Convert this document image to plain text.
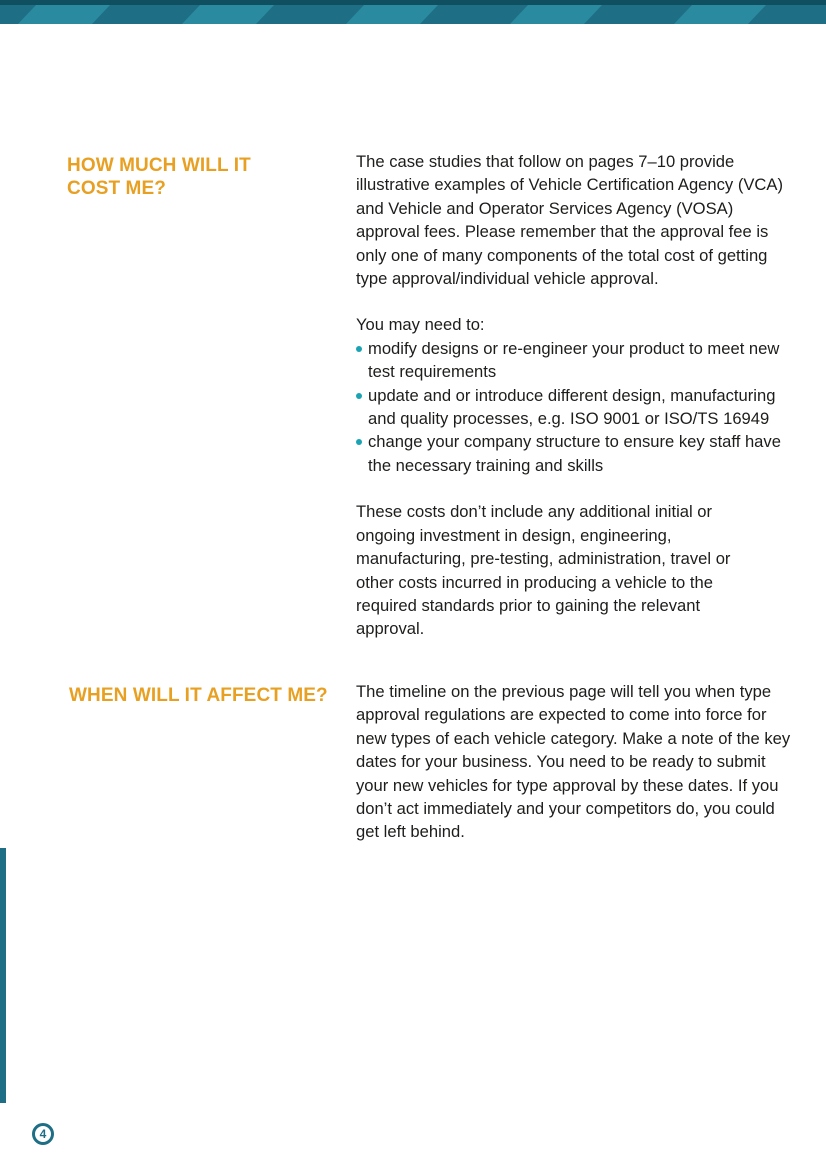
HOW MUCH WILL IT COST ME?

The case studies that follow on pages 7–10 provide illustrative examples of Vehicle Certification Agency (VCA) and Vehicle and Operator Services Agency (VOSA) approval fees. Please remember that the approval fee is only one of many components of the total cost of getting type approval/individual vehicle approval.

You may need to:

modify designs or re-engineer your product to meet new test requirements
update and or introduce different design, manufacturing and quality processes, e.g. ISO 9001 or ISO/TS 16949
change your company structure to ensure key staff have the necessary training and skills

These costs don’t include any additional initial or ongoing investment in design, engineering, manufacturing, pre-testing, administration, travel or other costs incurred in producing a vehicle to the required standards prior to gaining the relevant approval.

WHEN WILL IT AFFECT ME?	The timeline on the previous page will tell you when type approval regulations are expected to come into force for new types of each vehicle category. Make a note of the key dates for your business. You need to be ready to submit your new vehicles for type approval by these dates. If you don’t act immediately and your competitors do, you could get left behind.

4
